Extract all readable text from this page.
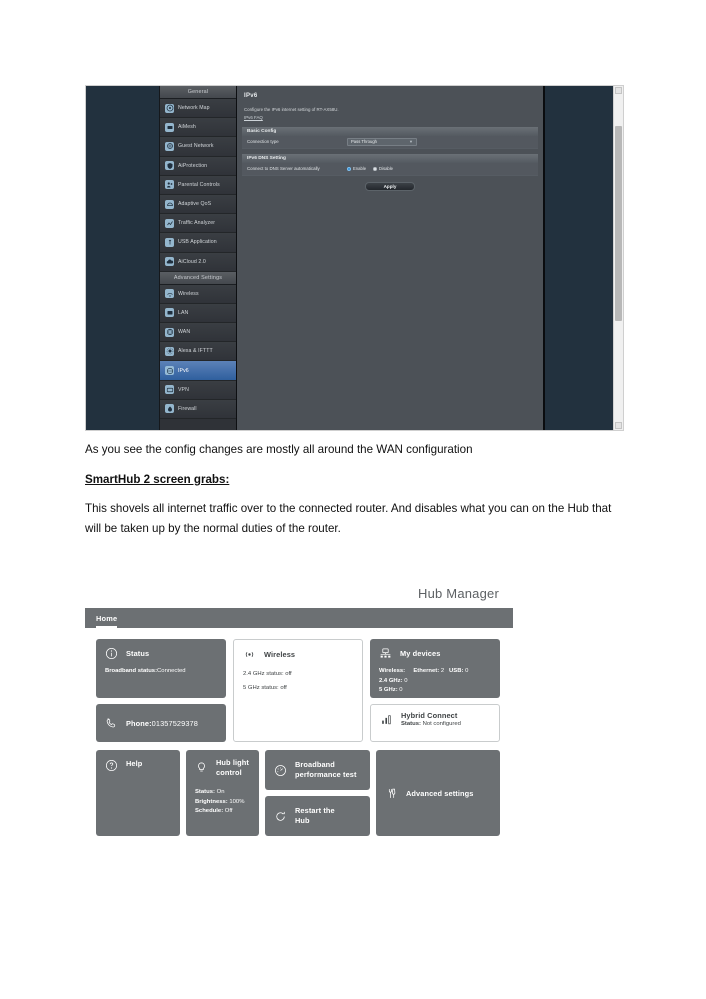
General
Network Map
AiMesh
Guest Network
AiProtection
Parental Controls
Adaptive QoS
Traffic Analyzer
USB Application
AiCloud 2.0
Advanced Settings
Wireless
LAN
WAN
Alexa & IFTTT
IPv6
VPN
Firewall
IPv6
Configure the IPv6 internet setting of RT-AX58U.
IPv6 FAQ
Basic Config
Connection type	Pass Through	▼
IPv6 DNS Setting
Connect to DNS Server automatically	Enable	Disable
Apply
As you see the config changes are mostly all around the WAN configuration
SmartHub 2 screen grabs:
This shovels all internet traffic over to the connected router. And disables what you can on the Hub that will be taken up by the normal duties of the router.
Hub Manager
Home
Status
Broadband status:Connected
Phone:01357529378
Wireless
2.4 GHz status: off
5 GHz status: off
My devices
Wireless: Ethernet: 2 USB: 0
2.4 GHz: 0
5 GHz: 0
Hybrid Connect
Status: Not configured
Help	Hub light
control
Status: On
Brightness: 100%
Schedule: Off
Broadband
performance test
Restart the
Hub
Advanced settings
